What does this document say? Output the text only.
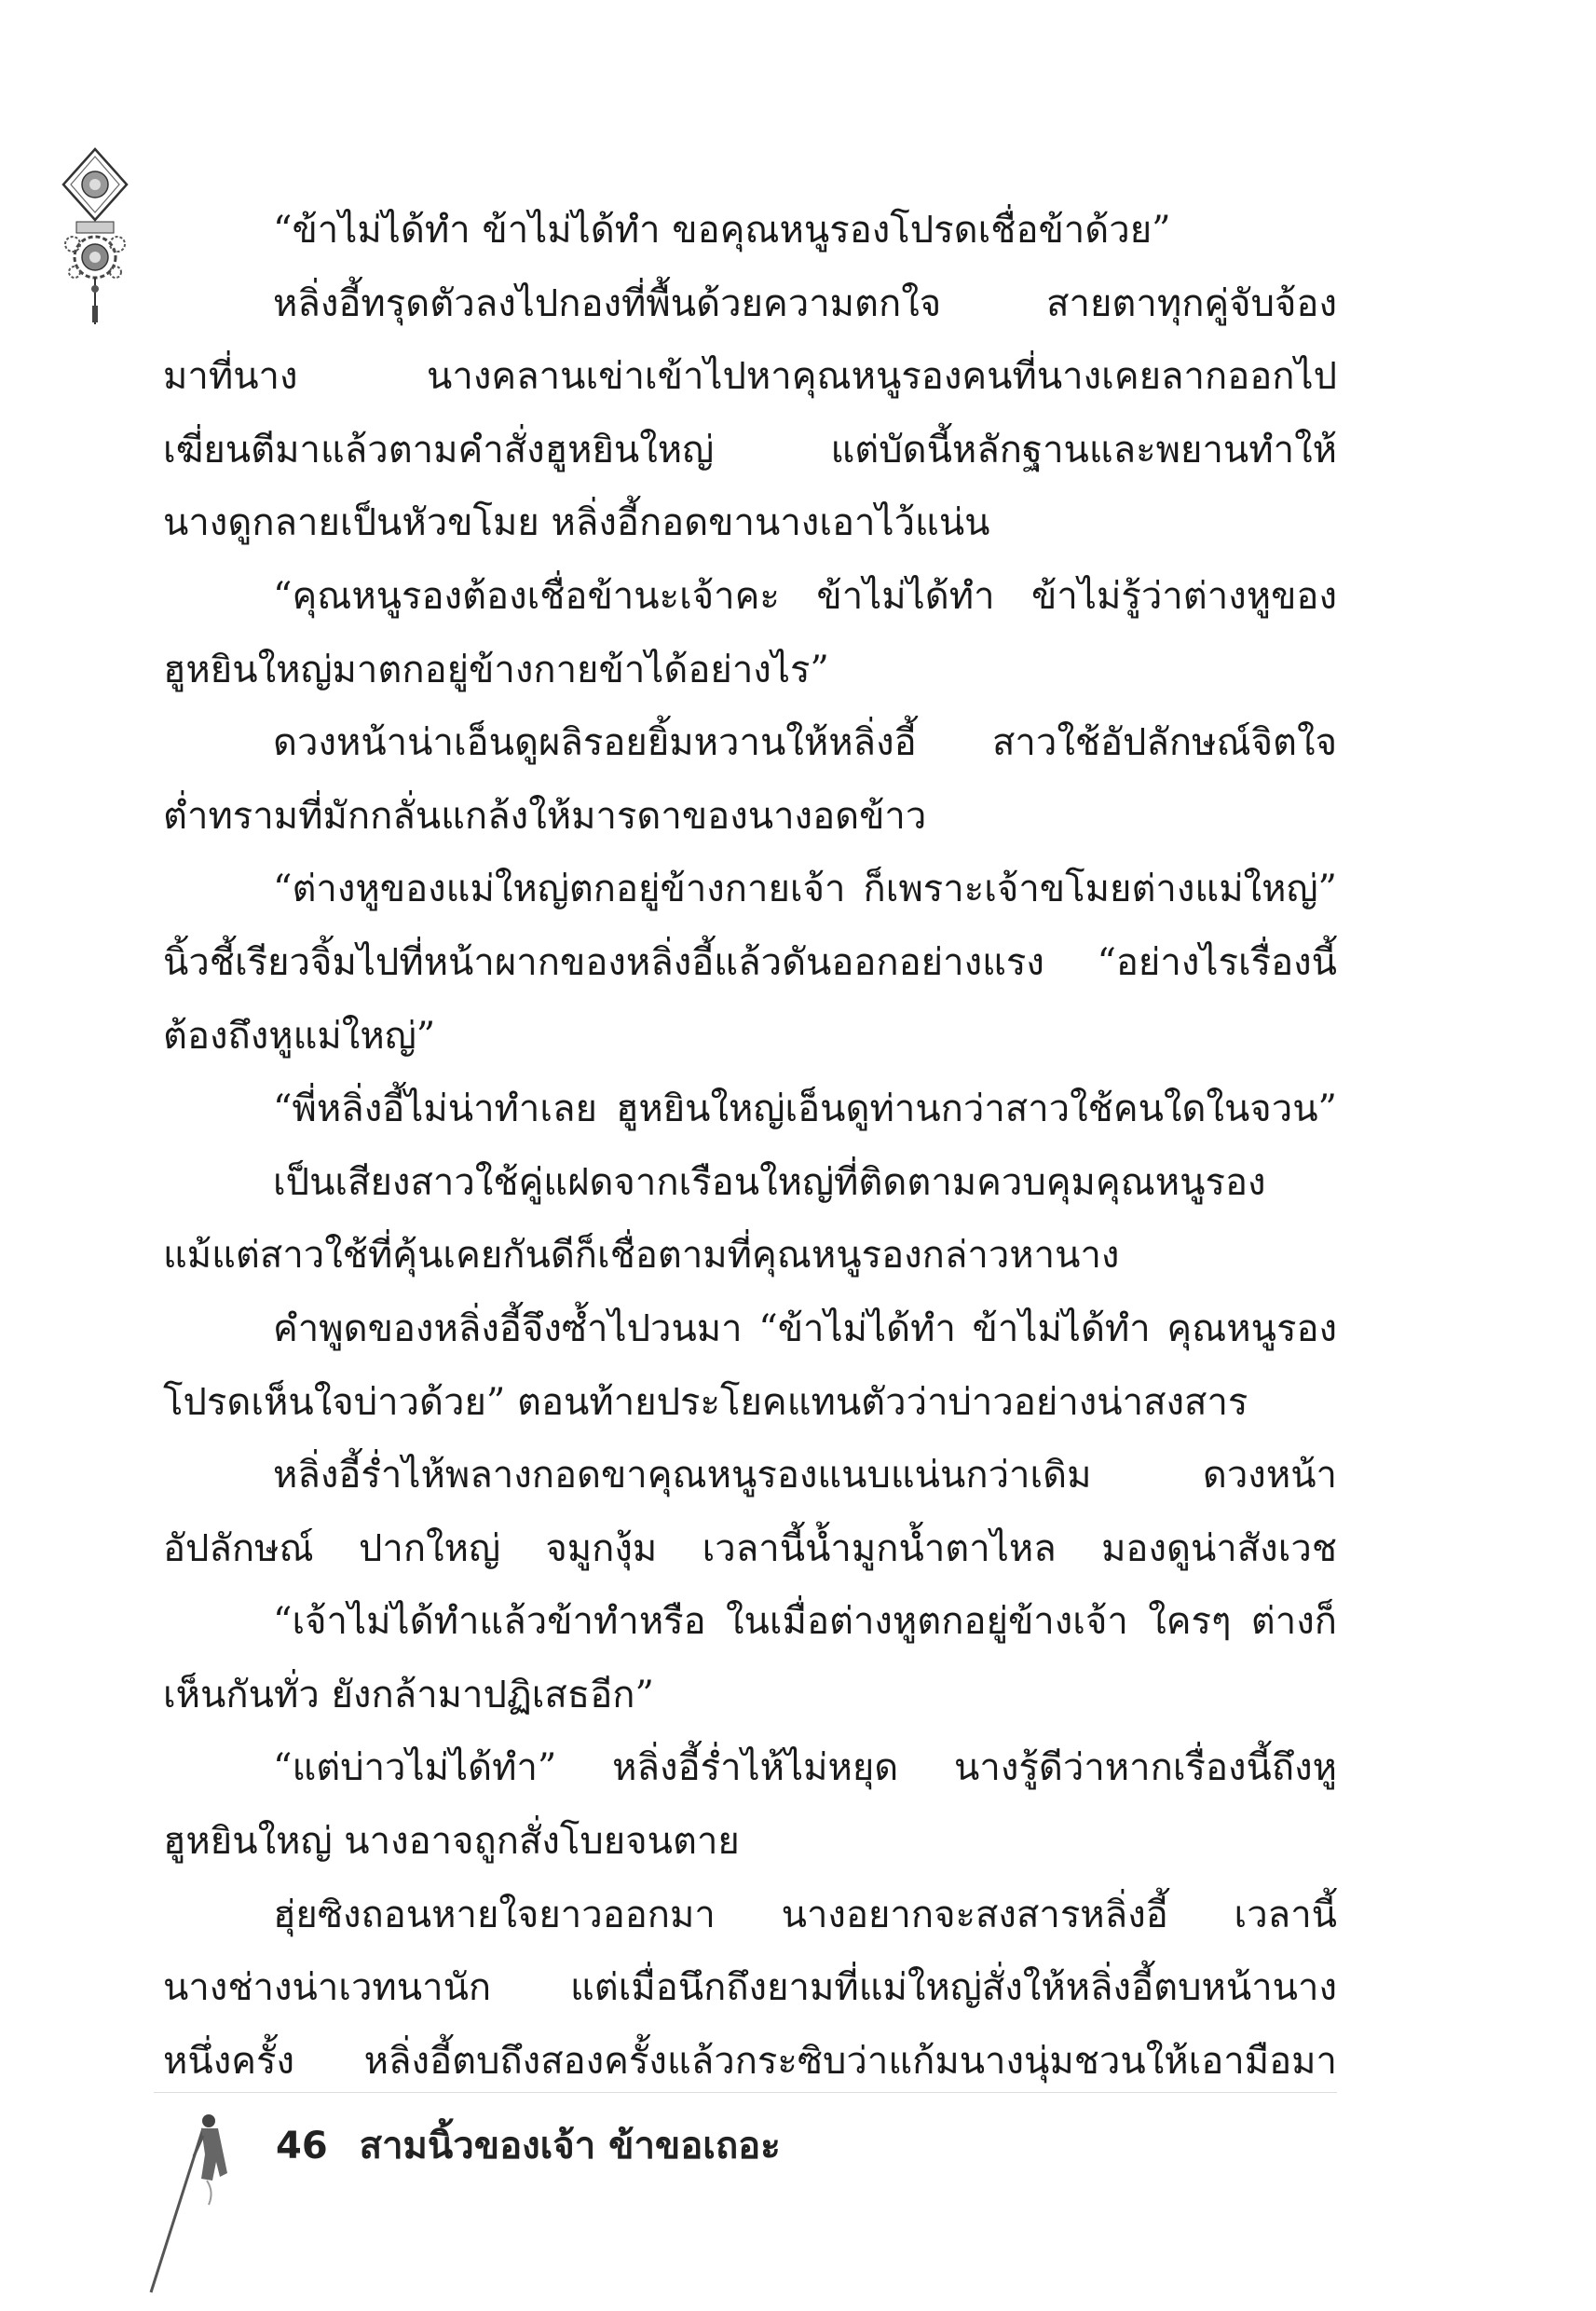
“ข้าไม่ได้ทำ ข้าไม่ได้ทำ ขอคุณหนูรองโปรดเชื่อข้าด้วย”
หลิ่งอี้ทรุดตัวลงไปกองที่พื้นด้วยความตกใจ สายตาทุกคู่จับจ้อง
มาที่นาง นางคลานเข่าเข้าไปหาคุณหนูรองคนที่นางเคยลากออกไป
เฆี่ยนตีมาแล้วตามคำสั่งฮูหยินใหญ่ แต่บัดนี้หลักฐานและพยานทำให้
นางดูกลายเป็นหัวขโมย หลิ่งอี้กอดขานางเอาไว้แน่น
“คุณหนูรองต้องเชื่อข้านะเจ้าคะ ข้าไม่ได้ทำ ข้าไม่รู้ว่าต่างหูของ
ฮูหยินใหญ่มาตกอยู่ข้างกายข้าได้อย่างไร”
ดวงหน้าน่าเอ็นดูผลิรอยยิ้มหวานให้หลิ่งอี้ สาวใช้อัปลักษณ์จิตใจ
ต่ำทรามที่มักกลั่นแกล้งให้มารดาของนางอดข้าว
“ต่างหูของแม่ใหญ่ตกอยู่ข้างกายเจ้า ก็เพราะเจ้าขโมยต่างแม่ใหญ่”
นิ้วชี้เรียวจิ้มไปที่หน้าผากของหลิ่งอี้แล้วดันออกอย่างแรง “อย่างไรเรื่องนี้
ต้องถึงหูแม่ใหญ่”
“พี่หลิ่งอี้ไม่น่าทำเลย ฮูหยินใหญ่เอ็นดูท่านกว่าสาวใช้คนใดในจวน”
เป็นเสียงสาวใช้คู่แฝดจากเรือนใหญ่ที่ติดตามควบคุมคุณหนูรอง
แม้แต่สาวใช้ที่คุ้นเคยกันดีก็เชื่อตามที่คุณหนูรองกล่าวหานาง
คำพูดของหลิ่งอี้จึงซ้ำไปวนมา “ข้าไม่ได้ทำ ข้าไม่ได้ทำ คุณหนูรอง
โปรดเห็นใจบ่าวด้วย” ตอนท้ายประโยคแทนตัวว่าบ่าวอย่างน่าสงสาร
หลิ่งอี้ร่ำไห้พลางกอดขาคุณหนูรองแนบแน่นกว่าเดิม ดวงหน้า
อัปลักษณ์ ปากใหญ่ จมูกงุ้ม เวลานี้น้ำมูกน้ำตาไหล มองดูน่าสังเวช
“เจ้าไม่ได้ทำแล้วข้าทำหรือ ในเมื่อต่างหูตกอยู่ข้างเจ้า ใครๆ ต่างก็
เห็นกันทั่ว ยังกล้ามาปฏิเสธอีก”
“แต่บ่าวไม่ได้ทำ” หลิ่งอี้ร่ำไห้ไม่หยุด นางรู้ดีว่าหากเรื่องนี้ถึงหู
ฮูหยินใหญ่ นางอาจถูกสั่งโบยจนตาย
ฮุ่ยซิงถอนหายใจยาวออกมา นางอยากจะสงสารหลิ่งอี้ เวลานี้
นางช่างน่าเวทนานัก แต่เมื่อนึกถึงยามที่แม่ใหญ่สั่งให้หลิ่งอี้ตบหน้านาง
หนึ่งครั้ง หลิ่งอี้ตบถึงสองครั้งแล้วกระซิบว่าแก้มนางนุ่มชวนให้เอามือมา
46 สามนิ้วของเจ้า ข้าขอเถอะ
